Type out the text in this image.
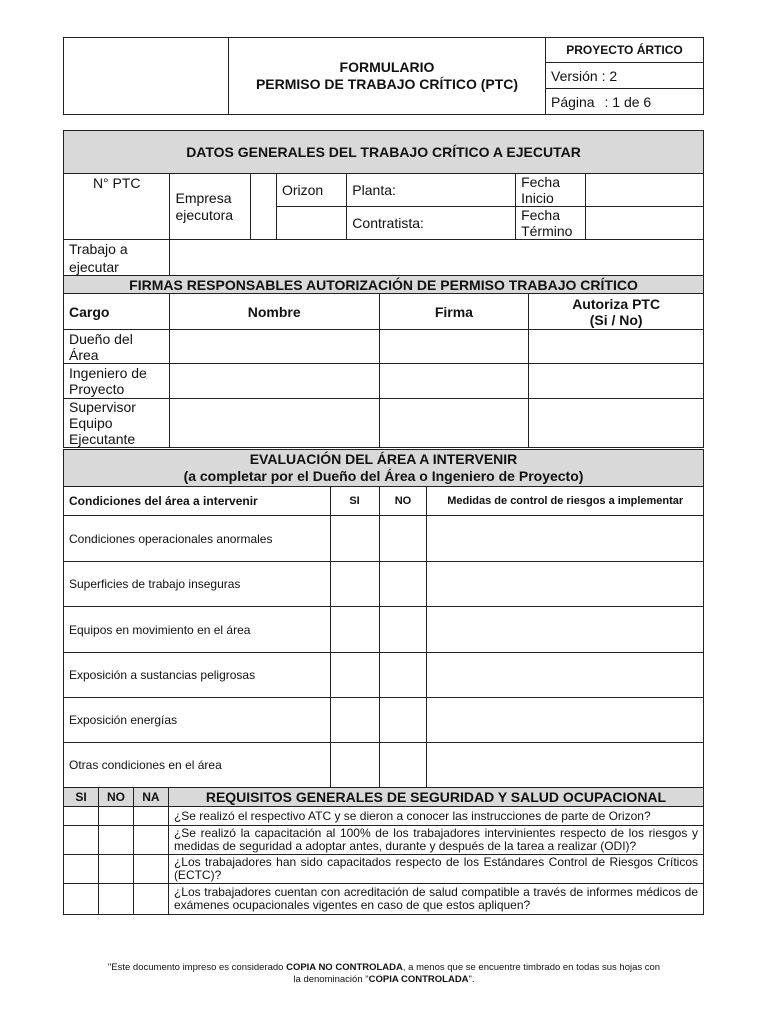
FORMULARIO
PERMISO DE TRABAJO CRÍTICO (PTC)
	PROYECTO ÁRTICO
Versión : 2
Página : 1 de 6
DATOS GENERALES DEL TRABAJO CRÍTICO A EJECUTAR						
N° PTC	Empresa ejecutora		Orizon	Planta:	Fecha Inicio	
				Contratista:	Fecha Término	
Trabajo a ejecutar						
FIRMAS RESPONSABLES AUTORIZACIÓN DE PERMISO TRABAJO CRÍTICO			
Cargo	Nombre	Firma	Autoriza PTC
(Si / No)

Dueño del Área			
Ingeniero de Proyecto			
Supervisor Equipo Ejecutante			
EVALUACIÓN DEL ÁREA A INTERVENIR
(a completar por el Dueño del Área o Ingeniero de Proyecto)			

Condiciones del área a intervenir	SI	NO	Medidas de control de riesgos a implementar
Condiciones operacionales anormales			
Superficies de trabajo inseguras			
Equipos en movimiento en el área			
Exposición a sustancias peligrosas			
Exposición energías			
Otras condiciones en el área			
SI	NO	NA	REQUISITOS GENERALES DE SEGURIDAD Y SALUD OCUPACIONAL
			¿Se realizó el respectivo ATC y se dieron a conocer las instrucciones de parte de Orizon?
			¿Se realizó la capacitación al 100% de los trabajadores intervinientes respecto de los riesgos y medidas de seguridad a adoptar antes, durante y después de la tarea a realizar (ODI)?
			¿Los trabajadores han sido capacitados respecto de los Estándares Control de Riesgos Críticos (ECTC)?
			¿Los trabajadores cuentan con acreditación de salud compatible a través de informes médicos de exámenes ocupacionales vigentes en caso de que estos apliquen?
"Este documento impreso es considerado COPIA NO CONTROLADA, a menos que se encuentre timbrado en todas sus hojas con
la denominación "COPIA CONTROLADA".
